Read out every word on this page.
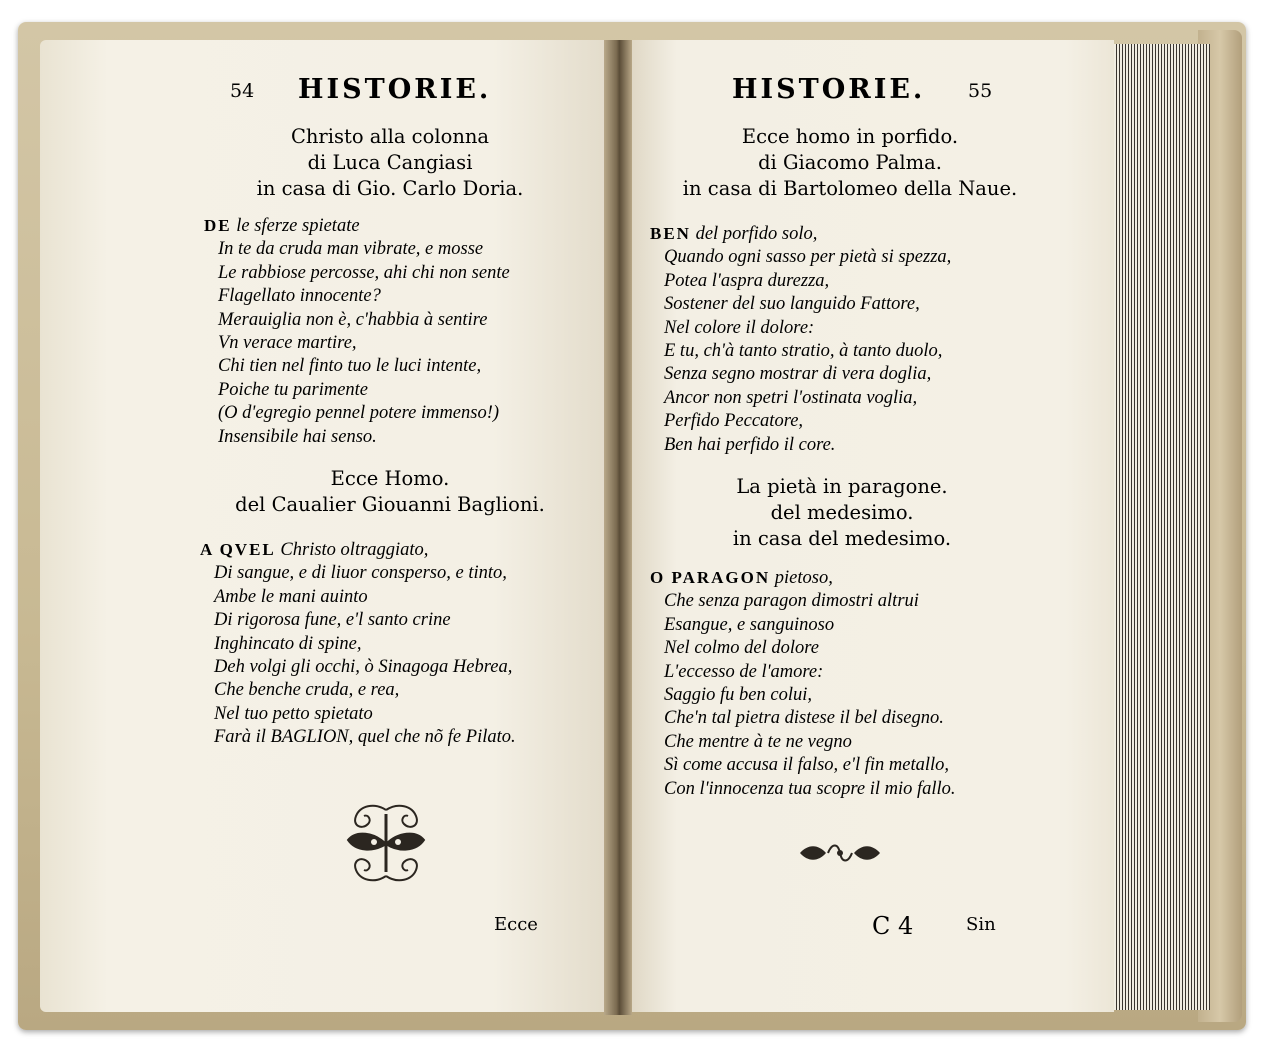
54 HISTORIE.
Christo alla colonna
di Luca Cangiasi
in casa di Gio. Carlo Doria.
DE le sferze spietate
In te da cruda man vibrate, e mosse
Le rabbiose percosse, ahi chi non sente
Flagellato innocente?
Merauiglia non è, c'habbia à sentire
Vn verace martire,
Chi tien nel finto tuo le luci intente,
Poiche tu parimente
(O d'egregio pennel potere immenso!)
Insensibile hai senso.
Ecce Homo.
del Caualier Giouanni Baglioni.
A QVEL Christo oltraggiato,
Di sangue, e di liuor consperso, e tinto,
Ambe le mani auinto
Di rigorosa fune, e'l santo crine
Inghincato di spine,
Deh volgi gli occhi, ò Sinagoga Hebrea,
Che benche cruda, e rea,
Nel tuo petto spietato
Farà il BAGLION, quel che nõ fe Pilato.
Ecce
HISTORIE. 55
Ecce homo in porfido.
di Giacomo Palma.
in casa di Bartolomeo della Naue.
BEN del porfido solo,
Quando ogni sasso per pietà si spezza,
Potea l'aspra durezza,
Sostener del suo languido Fattore,
Nel colore il dolore:
E tu, ch'à tanto stratio, à tanto duolo,
Senza segno mostrar di vera doglia,
Ancor non spetri l'ostinata voglia,
Perfido Peccatore,
Ben hai perfido il core.
La pietà in paragone.
del medesimo.
in casa del medesimo.
O PARAGON pietoso,
Che senza paragon dimostri altrui
Esangue, e sanguinoso
Nel colmo del dolore
L'eccesso de l'amore:
Saggio fu ben colui,
Che'n tal pietra distese il bel disegno.
Che mentre à te ne vegno
Sì come accusa il falso, e'l fin metallo,
Con l'innocenza tua scopre il mio fallo.
C 4	Sin
